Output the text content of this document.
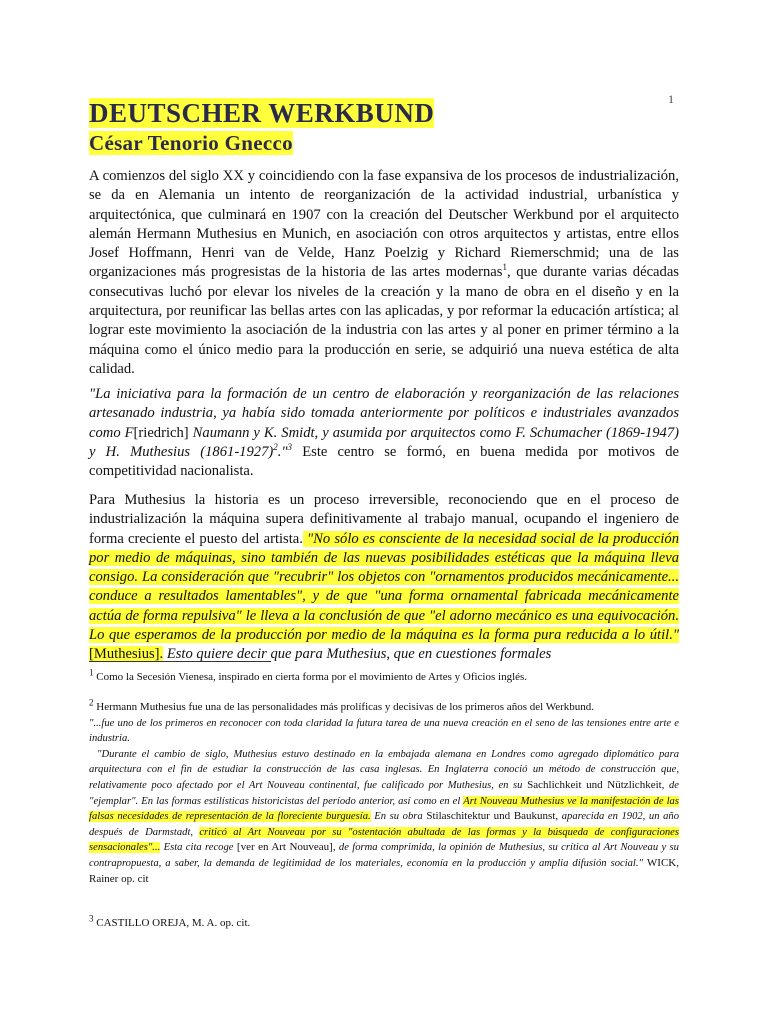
1
DEUTSCHER WERKBUND
César Tenorio Gnecco

A comienzos del siglo XX y coincidiendo con la fase expansiva de los procesos de industrialización, se da en Alemania un intento de reorganización de la actividad industrial, urbanística y arquitectónica, que culminará en 1907 con la creación del Deutscher Werkbund por el arquitecto alemán Hermann Muthesius en Munich, en asociación con otros arquitectos y artistas, entre ellos Josef Hoffmann, Henri van de Velde, Hanz Poelzig y Richard Riemerschmid; una de las organizaciones más progresistas de la historia de las artes modernas$^1$, que durante varias décadas consecutivas luchó por elevar los niveles de la creación y la mano de obra en el diseño y en la arquitectura, por reunificar las bellas artes con las aplicadas, y por reformar la educación artística; al lograr este movimiento la asociación de la industria con las artes y al poner en primer término a la máquina como el único medio para la producción en serie, se adquirió una nueva estética de alta calidad.

"La iniciativa para la formación de un centro de elaboración y reorganización de las relaciones artesanado industria, ya había sido tomada anteriormente por políticos e industriales avanzados como F[riedrich] Naumann y K. Smidt, y asumida por arquitectos como F. Schumacher (1869-1947) y H. Muthesius (1861-1927)$^2$."$^3$ Este centro se formó, en buena medida por motivos de competitividad nacionalista.

Para Muthesius la historia es un proceso irreversible, reconociendo que en el proceso de industrialización la máquina supera definitivamente al trabajo manual, ocupando el ingeniero de forma creciente el puesto del artista. "No sólo es consciente de la necesidad social de la producción por medio de máquinas, sino también de las nuevas posibilidades estéticas que la máquina lleva consigo. La consideración que "recubrir" los objetos con "ornamentos producidos mecánicamente... conduce a resultados lamentables", y de que "una forma ornamental fabricada mecánicamente actúa de forma repulsiva" le lleva a la conclusión de que "el adorno mecánico es una equivocación. Lo que esperamos de la producción por medio de la máquina es la forma pura reducida a lo útil." [Muthesius]. Esto quiere decir que para Muthesius, que en cuestiones formales

$^1$ Como la Secesión Vienesa, inspirado en cierta forma por el movimiento de Artes y Oficios inglés.

$^2$ Hermann Muthesius fue una de las personalidades más prolíficas y decisivas de los primeros años del Werkbund.
"...fue uno de los primeros en reconocer con toda claridad la futura tarea de una nueva creación en el seno de las tensiones entre arte e industria.
"Durante el cambio de siglo, Muthesius estuvo destinado en la embajada alemana en Londres como agregado diplomático para arquitectura con el fin de estudiar la construcción de las casa inglesas. En Inglaterra conoció un método de construcción que, relativamente poco afectado por el Art Nouveau continental, fue calificado por Muthesius, en su Sachlichkeit und Nützlichkeit, de "ejemplar". En las formas estilísticas historicistas del período anterior, así como en el Art Nouveau Muthesius ve la manifestación de las falsas necesidades de representación de la floreciente burguesía. En su obra Stilaschitektur und Baukunst, aparecida en 1902, un año después de Darmstadt, criticó al Art Nouveau por su "ostentación abultada de las formas y la búsqueda de configuraciones sensacionales"... Esta cita recoge [ver en Art Nouveau], de forma comprimida, la opinión de Muthesius, su crítica al Art Nouveau y su contrapropuesta, a saber, la demanda de legitimidad de los materiales, economía en la producción y amplia difusión social." WICK, Rainer op. cit

$^3$ CASTILLO OREJA, M. A. op. cit.
